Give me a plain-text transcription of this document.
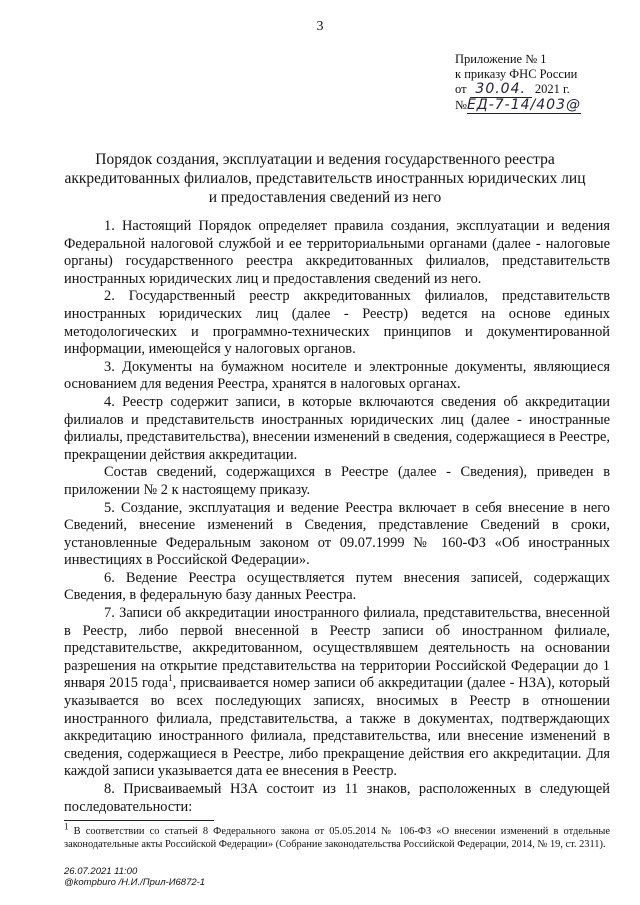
3
Приложение № 1
к приказу ФНС России
от 30.04. 2021 г.
№ЕД-7-14/403@
Порядок создания, эксплуатации и ведения государственного реестра аккредитованных филиалов, представительств иностранных юридических лиц и предоставления сведений из него

1. Настоящий Порядок определяет правила создания, эксплуатации и ведения Федеральной налоговой службой и ее территориальными органами (далее - налоговые органы) государственного реестра аккредитованных филиалов, представительств иностранных юридических лиц и предоставления сведений из него.

2. Государственный реестр аккредитованных филиалов, представительств иностранных юридических лиц (далее - Реестр) ведется на основе единых методологических и программно-технических принципов и документированной информации, имеющейся у налоговых органов.

3. Документы на бумажном носителе и электронные документы, являющиеся основанием для ведения Реестра, хранятся в налоговых органах.

4. Реестр содержит записи, в которые включаются сведения об аккредитации филиалов и представительств иностранных юридических лиц (далее - иностранные филиалы, представительства), внесении изменений в сведения, содержащиеся в Реестре, прекращении действия аккредитации.

Состав сведений, содержащихся в Реестре (далее - Сведения), приведен в приложении № 2 к настоящему приказу.

5. Создание, эксплуатация и ведение Реестра включает в себя внесение в него Сведений, внесение изменений в Сведения, представление Сведений в сроки, установленные Федеральным законом от 09.07.1999 № 160-ФЗ «Об иностранных инвестициях в Российской Федерации».

6. Ведение Реестра осуществляется путем внесения записей, содержащих Сведения, в федеральную базу данных Реестра.

7. Записи об аккредитации иностранного филиала, представительства, внесенной в Реестр, либо первой внесенной в Реестр записи об иностранном филиале, представительстве, аккредитованном, осуществлявшем деятельность на основании разрешения на открытие представительства на территории Российской Федерации до 1 января 2015 года$^1$, присваивается номер записи об аккредитации (далее - НЗА), который указывается во всех последующих записях, вносимых в Реестр в отношении иностранного филиала, представительства, а также в документах, подтверждающих аккредитацию иностранного филиала, представительства, или внесение изменений в сведения, содержащиеся в Реестре, либо прекращение действия его аккредитации. Для каждой записи указывается дата ее внесения в Реестр.

8. Присваиваемый НЗА состоит из 11 знаков, расположенных в следующей последовательности:

$^1$ В соответствии со статьей 8 Федерального закона от 05.05.2014 № 106-ФЗ «О внесении изменений в отдельные законодательные акты Российской Федерации» (Собрание законодательства Российской Федерации, 2014, № 19, ст. 2311).
26.07.2021 11:00
@kompburo /Н.И./Прил-И6872-1
